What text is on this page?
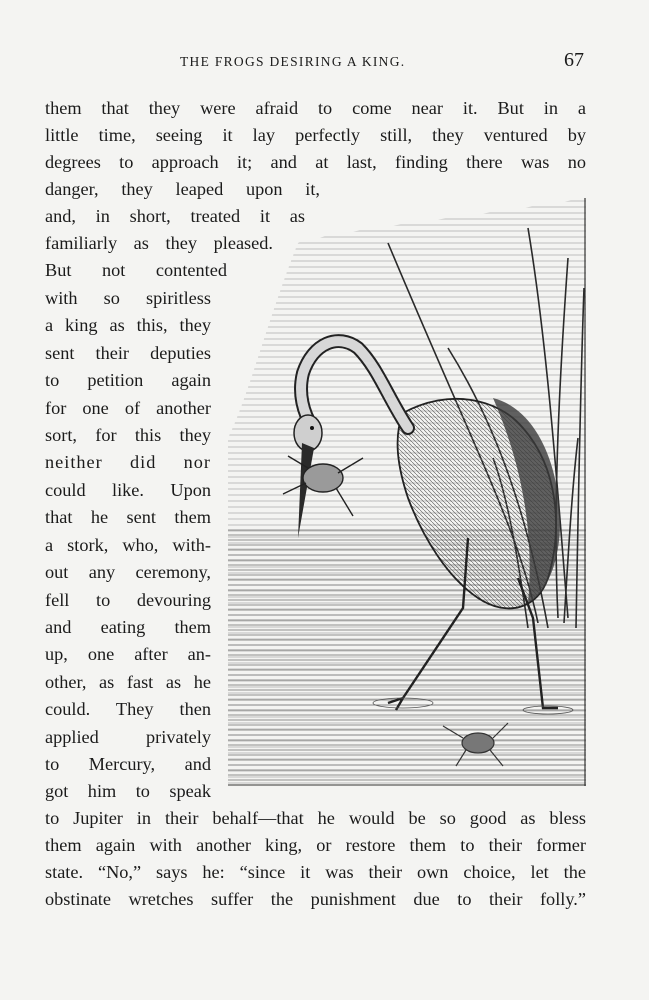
THE FROGS DESIRING A KING.	67
them that they were afraid to come near it. But in a
little time, seeing it lay perfectly still, they ventured by
degrees to approach it; and at last, finding there was no
danger, they leaped upon it,
and, in short, treated it as
familiarly as they pleased.
But not contented
with so spiritless
a king as this, they
sent their deputies
to petition again
for one of another
sort, for this they
neither did nor
could like. Upon
that he sent them
a stork, who, with-
out any ceremony,
fell to devouring
and eating them
up, one after an-
other, as fast as he
could. They then
applied privately
to Mercury, and
got him to speak
to Jupiter in their behalf—that he would be so good as bless
them again with another king, or restore them to their former
state. “No,” says he: “since it was their own choice, let the
obstinate wretches suffer the punishment due to their folly.”
